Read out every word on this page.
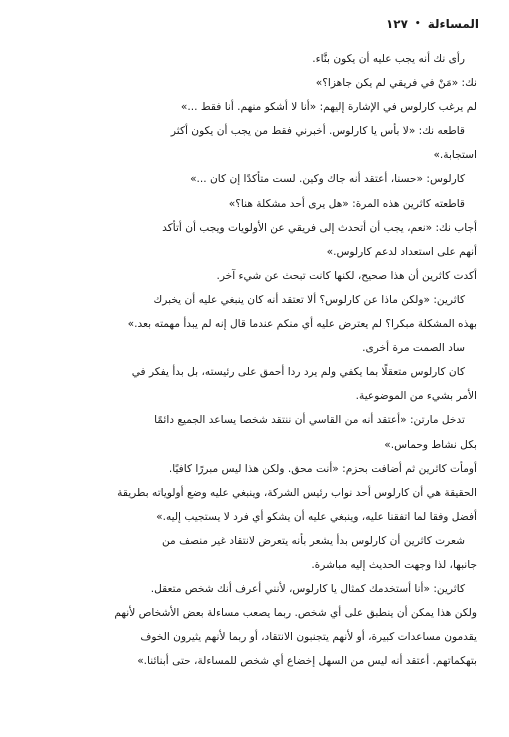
المساءلة
•
١٢٧
رأى نك أنه يجب عليه أن يكون بنَّاء.
نك: «مَنْ في فريقي لم يكن جاهزا؟»
لم يرغب كارلوس في الإشارة إليهم: «أنا لا أشكو منهم. أنا فقط ...»
قاطعه نك: «لا بأس يا كارلوس. أخبرني فقط من يجب أن يكون أكثر
استجابة.»
كارلوس: «حسنا، أعتقد أنه جاك وكين. لست متأكدًا إن كان ...»
قاطعته كاثرين هذه المرة: «هل يرى أحد مشكلة هنا؟»
أجاب نك: «نعم، يجب أن أتحدث إلى فريقي عن الأولويات ويجب أن أتأكد
أنهم على استعداد لدعم كارلوس.»
أكدت كاثرين أن هذا صحيح، لكنها كانت تبحث عن شيء آخر.
كاثرين: «ولكن ماذا عن كارلوس؟ ألا تعتقد أنه كان ينبغي عليه أن يخبرك
بهذه المشكلة مبكرا؟ لم يعترض عليه أي منكم عندما قال إنه لم يبدأ مهمته بعد.»
ساد الصمت مرة أخرى.
كان كارلوس متعقلًا بما يكفي ولم يرد ردا أحمق على رئيسته، بل بدأ يفكر في
الأمر بشيء من الموضوعية.
تدخل مارتن: «أعتقد أنه من القاسي أن ننتقد شخصا يساعد الجميع دائمًا
بكل نشاط وحماس.»
أومأت كاثرين ثم أضافت بحزم: «أنت محق. ولكن هذا ليس مبررًا كافيًا.
الحقيقة هي أن كارلوس أحد نواب رئيس الشركة، وينبغي عليه وضع أولوياته بطريقة
أفضل وفقا لما اتفقنا عليه، وينبغي عليه أن يشكو أي فرد لا يستجيب إليه.»
شعرت كاثرين أن كارلوس بدأ يشعر بأنه يتعرض لانتقاد غير منصف من
جانبها، لذا وجهت الحديث إليه مباشرة.
كاثرين: «أنا أستخدمك كمثال يا كارلوس، لأنني أعرف أنك شخص متعقل.
ولكن هذا يمكن أن ينطبق على أي شخص. ربما يصعب مساءلة بعض الأشخاص لأنهم
يقدمون مساعدات كبيرة، أو لأنهم يتجنبون الانتقاد، أو ربما لأنهم يثيرون الخوف
بتهكماتهم. أعتقد أنه ليس من السهل إخضاع أي شخص للمساءلة، حتى أبنائنا.»
